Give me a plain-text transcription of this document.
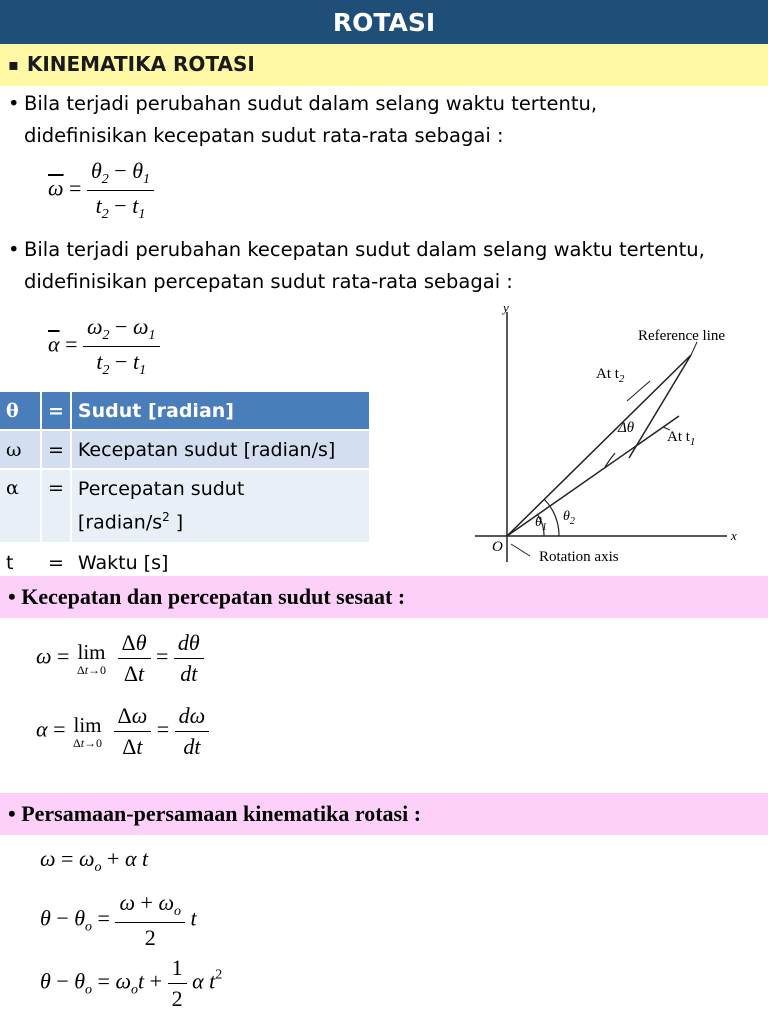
ROTASI
▪ KINEMATIKA ROTASI
• Bila terjadi perubahan sudut dalam selang waktu tertentu,
didefinisikan kecepatan sudut rata-rata sebagai :
$\overline{\omega} = \frac{\theta_2 - \theta_1}{t_2 - t_1}$
• Bila terjadi perubahan kecepatan sudut dalam selang waktu tertentu,
didefinisikan percepatan sudut rata-rata sebagai :
$\overline{\alpha} = \frac{\omega_2 - \omega_1}{t_2 - t_1}$
θ	=	Sudut [radian]
ω	=	Kecepatan sudut [radian/s]
α	=	Percepatan sudut
[$radian/s^2$ ]

t	=	Waktu [s]
y
x
O
Reference line
At $t_2$
At $t_1$
Δθ
$\theta_1$
$\theta_2$
Rotation axis
• Kecepatan dan percepatan sudut sesaat :
ω = lim
Δt→0
$\frac{\Delta\theta}{\Delta t} = \frac{d\theta}{dt}$
α = lim
Δt→0
$\frac{\Delta\omega}{\Delta t} = \frac{d\omega}{dt}$
• Persamaan-persamaan kinematika rotasi :
$\omega = \omega_o + \alpha$ t
$\theta - \theta_o = \frac{\omega + \omega_o}{2}$ t
$\theta - \theta_o = \omega_ot + \frac{1}{2}$ α $t^2$
